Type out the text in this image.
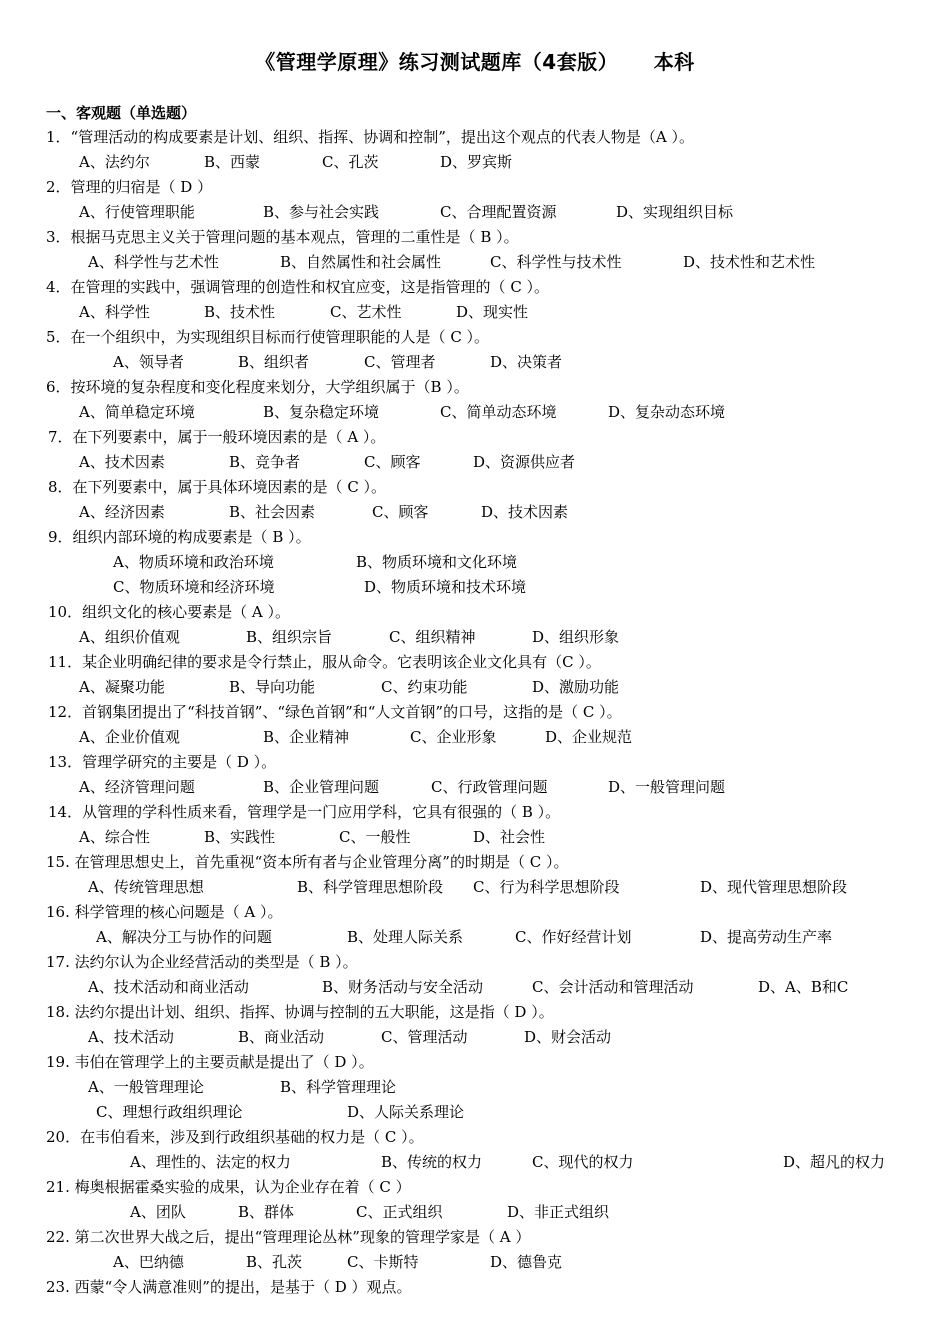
《管理学原理》练习测试题库（4套版） 本科
一、客观题（单选题）
1．“管理活动的构成要素是计划、组织、指挥、协调和控制”，提出这个观点的代表人物是（A ）。
A、法约尔	B、西蒙	C、孔茨	D、罗宾斯
2．管理的归宿是（ D ）
A、行使管理职能	B、参与社会实践	C、合理配置资源	D、实现组织目标
3．根据马克思主义关于管理问题的基本观点，管理的二重性是（ B ）。
A、科学性与艺术性	B、自然属性和社会属性	C、科学性与技术性	D、技术性和艺术性
4．在管理的实践中，强调管理的创造性和权宜应变，这是指管理的（ C ）。
A、科学性	B、技术性	C、艺术性	D、现实性
5．在一个组织中，为实现组织目标而行使管理职能的人是（ C ）。
A、领导者	B、组织者	C、管理者	D、决策者
6．按环境的复杂程度和变化程度来划分，大学组织属于（B ）。
A、简单稳定环境	B、复杂稳定环境	C、简单动态环境	D、复杂动态环境
7．在下列要素中，属于一般环境因素的是（ A ）。
A、技术因素	B、竞争者	C、顾客	D、资源供应者
8．在下列要素中，属于具体环境因素的是（ C ）。
A、经济因素	B、社会因素	C、顾客	D、技术因素
9．组织内部环境的构成要素是（ B ）。
A、物质环境和政治环境	B、物质环境和文化环境
C、物质环境和经济环境	D、物质环境和技术环境
10．组织文化的核心要素是（ A ）。
A、组织价值观	B、组织宗旨	C、组织精神	D、组织形象
11．某企业明确纪律的要求是令行禁止，服从命令。它表明该企业文化具有（C ）。
A、凝聚功能	B、导向功能	C、约束功能	D、激励功能
12．首钢集团提出了“科技首钢”、“绿色首钢”和“人文首钢”的口号，这指的是（ C ）。
A、企业价值观	B、企业精神	C、企业形象	D、企业规范
13．管理学研究的主要是（ D ）。
A、经济管理问题	B、企业管理问题	C、行政管理问题	D、一般管理问题
14．从管理的学科性质来看，管理学是一门应用学科，它具有很强的（ B ）。
A、综合性	B、实践性	C、一般性	D、社会性
15. 在管理思想史上，首先重视“资本所有者与企业管理分离”的时期是（ C ）。
A、传统管理思想	B、科学管理思想阶段 C、行为科学思想阶段	D、现代管理思想阶段
16. 科学管理的核心问题是（ A ）。
A、解决分工与协作的问题	B、处理人际关系	C、作好经营计划	D、提高劳动生产率
17. 法约尔认为企业经营活动的类型是（ B ）。
A、技术活动和商业活动	B、财务活动与安全活动	C、会计活动和管理活动	D、A、B和C
18. 法约尔提出计划、组织、指挥、协调与控制的五大职能，这是指（ D ）。
A、技术活动	B、商业活动	C、管理活动	D、财会活动
19. 韦伯在管理学上的主要贡献是提出了（ D ）。
A、一般管理理论	B、科学管理理论
C、理想行政组织理论	D、人际关系理论
20．在韦伯看来，涉及到行政组织基础的权力是（ C ）。
A、理性的、法定的权力	B、传统的权力	C、现代的权力	D、超凡的权力
21. 梅奥根据霍桑实验的成果，认为企业存在着（ C ）
A、团队	B、群体	C、正式组织	D、非正式组织
22. 第二次世界大战之后，提出“管理理论丛林”现象的管理学家是（ A ）
A、巴纳德	B、孔茨	C、卡斯特	D、德鲁克
23. 西蒙“令人满意准则”的提出，是基于（ D ）观点。
